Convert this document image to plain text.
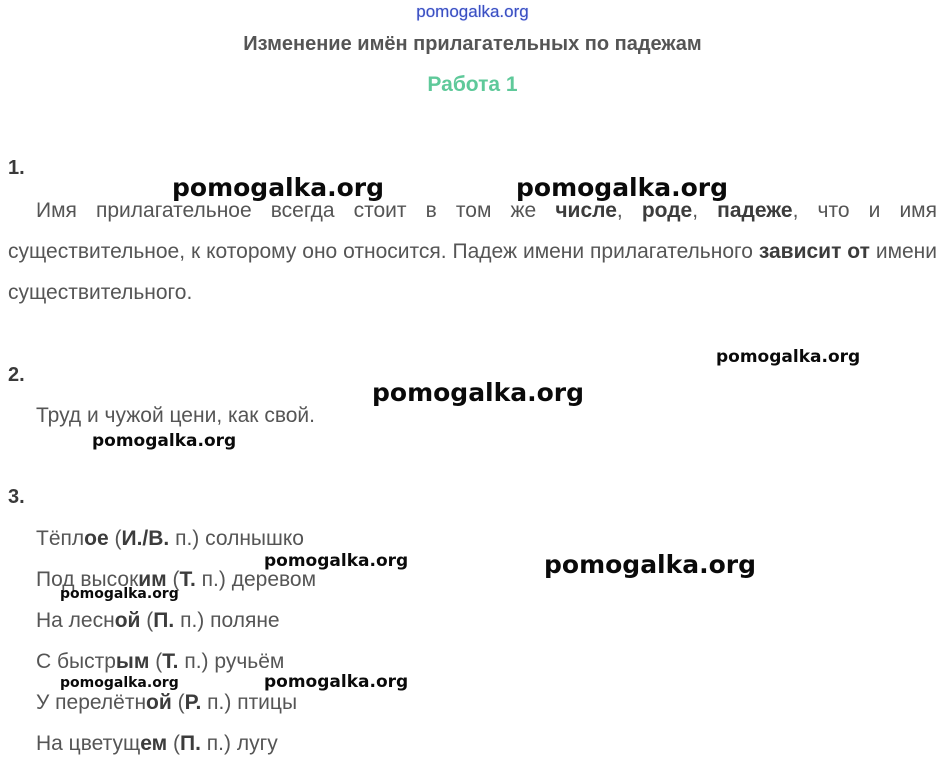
pomogalka.org
Изменение имён прилагательных по падежам
Работа 1
1.
Имя прилагательное всегда стоит в том же числе, роде, падеже, что и имя существительное, к которому оно относится. Падеж имени прилагательного зависит от имени существительного.
2.
Труд и чужой цени, как свой.
3.
Тёплое (И./В. п.) солнышко
Под высоким (Т. п.) деревом
На лесной (П. п.) поляне
С быстрым (Т. п.) ручьём
У перелётной (Р. п.) птицы
На цветущем (П. п.) лугу
pomogalka.org	pomogalka.org
pomogalka.org
pomogalka.org
pomogalka.org
pomogalka.org	pomogalka.org
pomogalka.org
pomogalka.org	pomogalka.org
